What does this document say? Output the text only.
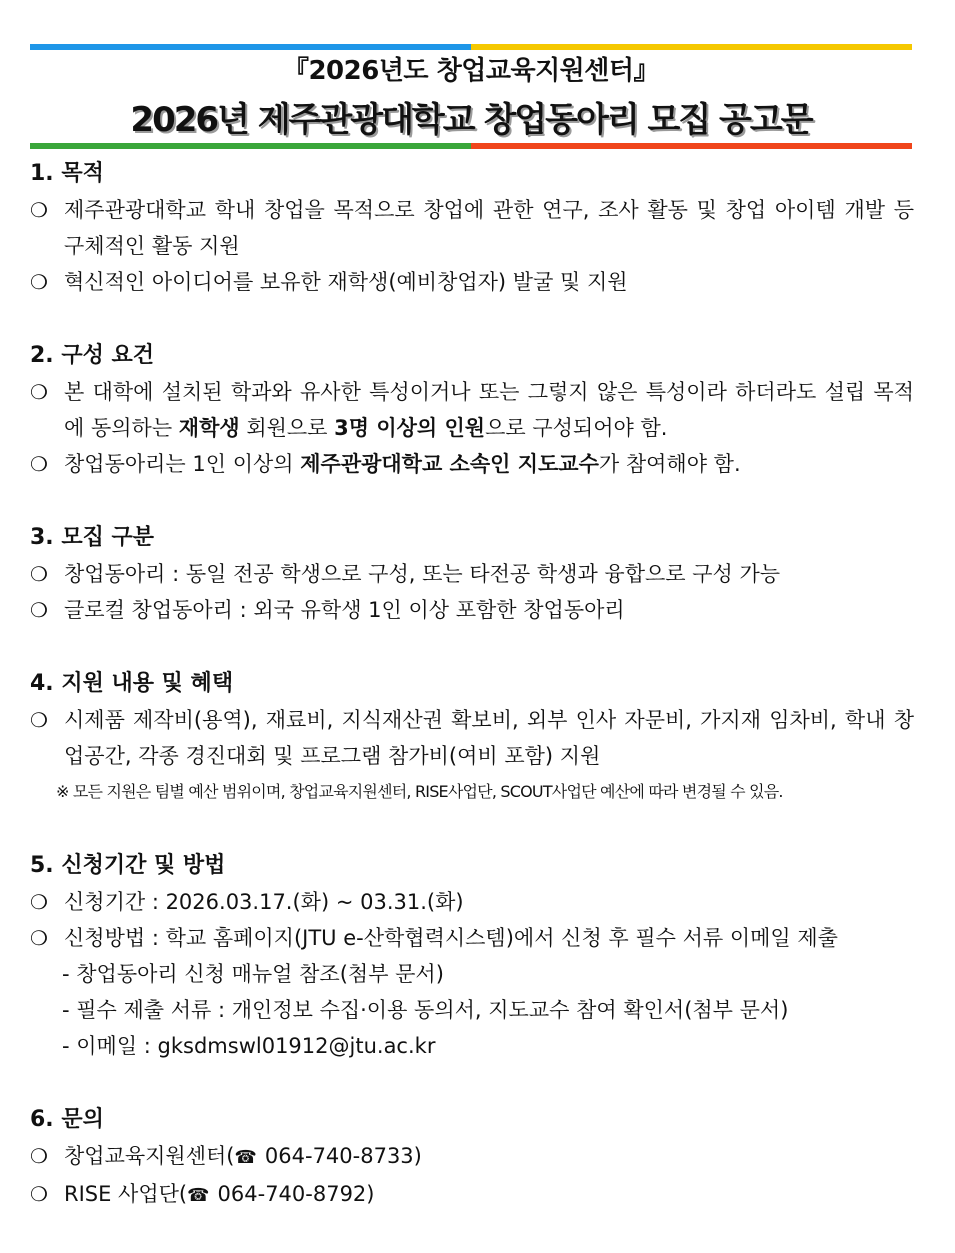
『2026년도 창업교육지원센터』
2026년 제주관광대학교 창업동아리 모집 공고문

1. 목적

❍ 제주관광대학교 학내 창업을 목적으로 창업에 관한 연구, 조사 활동 및 창업 아이템 개발 등 구체적인 활동 지원
❍ 혁신적인 아이디어를 보유한 재학생(예비창업자) 발굴 및 지원

2. 구성 요건

❍ 본 대학에 설치된 학과와 유사한 특성이거나 또는 그렇지 않은 특성이라 하더라도 설립 목적에 동의하는 재학생 회원으로 3명 이상의 인원으로 구성되어야 함.
❍ 창업동아리는 1인 이상의 제주관광대학교 소속인 지도교수가 참여해야 함.

3. 모집 구분

❍ 창업동아리 : 동일 전공 학생으로 구성, 또는 타전공 학생과 융합으로 구성 가능
❍ 글로컬 창업동아리 : 외국 유학생 1인 이상 포함한 창업동아리

4. 지원 내용 및 혜택

❍ 시제품 제작비(용역), 재료비, 지식재산권 확보비, 외부 인사 자문비, 가지재 임차비, 학내 창업공간, 각종 경진대회 및 프로그램 참가비(여비 포함) 지원
※ 모든 지원은 팀별 예산 범위이며, 창업교육지원센터, RISE사업단, SCOUT사업단 예산에 따라 변경될 수 있음.

5. 신청기간 및 방법

❍ 신청기간 : 2026.03.17.(화) ~ 03.31.(화)
❍ 신청방법 : 학교 홈페이지(JTU e-산학협력시스템)에서 신청 후 필수 서류 이메일 제출
- 창업동아리 신청 매뉴얼 참조(첨부 문서)
- 필수 제출 서류 : 개인정보 수집·이용 동의서, 지도교수 참여 확인서(첨부 문서)
- 이메일 : gksdmswl01912@jtu.ac.kr

6. 문의

❍ 창업교육지원센터(☎ 064-740-8733)
❍ RISE 사업단(☎ 064-740-8792)
